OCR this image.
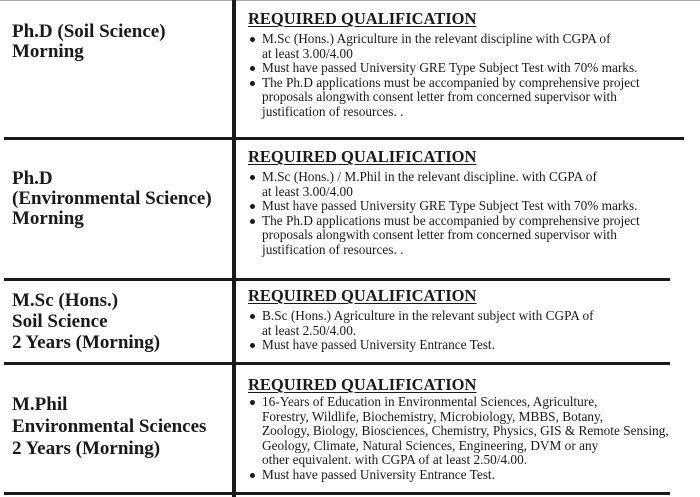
Ph.D (Soil Science)
Morning
REQUIRED QUALIFICATION
M.Sc (Hons.) Agriculture in the relevant discipline with CGPA of
at least 3.00/4.00
Must have passed University GRE Type Subject Test with 70% marks.
The Ph.D applications must be accompanied by comprehensive project
proposals alongwith consent letter from concerned supervisor with
justification of resources. .
Ph.D
(Environmental Science)
Morning
REQUIRED QUALIFICATION
M.Sc (Hons.) / M.Phil in the relevant discipline. with CGPA of
at least 3.00/4.00
Must have passed University GRE Type Subject Test with 70% marks.
The Ph.D applications must be accompanied by comprehensive project
proposals alongwith consent letter from concerned supervisor with
justification of resources. .
M.Sc (Hons.)
Soil Science
2 Years (Morning)
REQUIRED QUALIFICATION
B.Sc (Hons.) Agriculture in the relevant subject with CGPA of
at least 2.50/4.00.
Must have passed University Entrance Test.
M.Phil
Environmental Sciences
2 Years (Morning)
REQUIRED QUALIFICATION
16-Years of Education in Environmental Sciences, Agriculture,
Forestry, Wildlife, Biochemistry, Microbiology, MBBS, Botany,
Zoology, Biology, Biosciences, Chemistry, Physics, GIS & Remote Sensing,
Geology, Climate, Natural Sciences, Engineering, DVM or any
other equivalent. with CGPA of at least 2.50/4.00.
Must have passed University Entrance Test.
